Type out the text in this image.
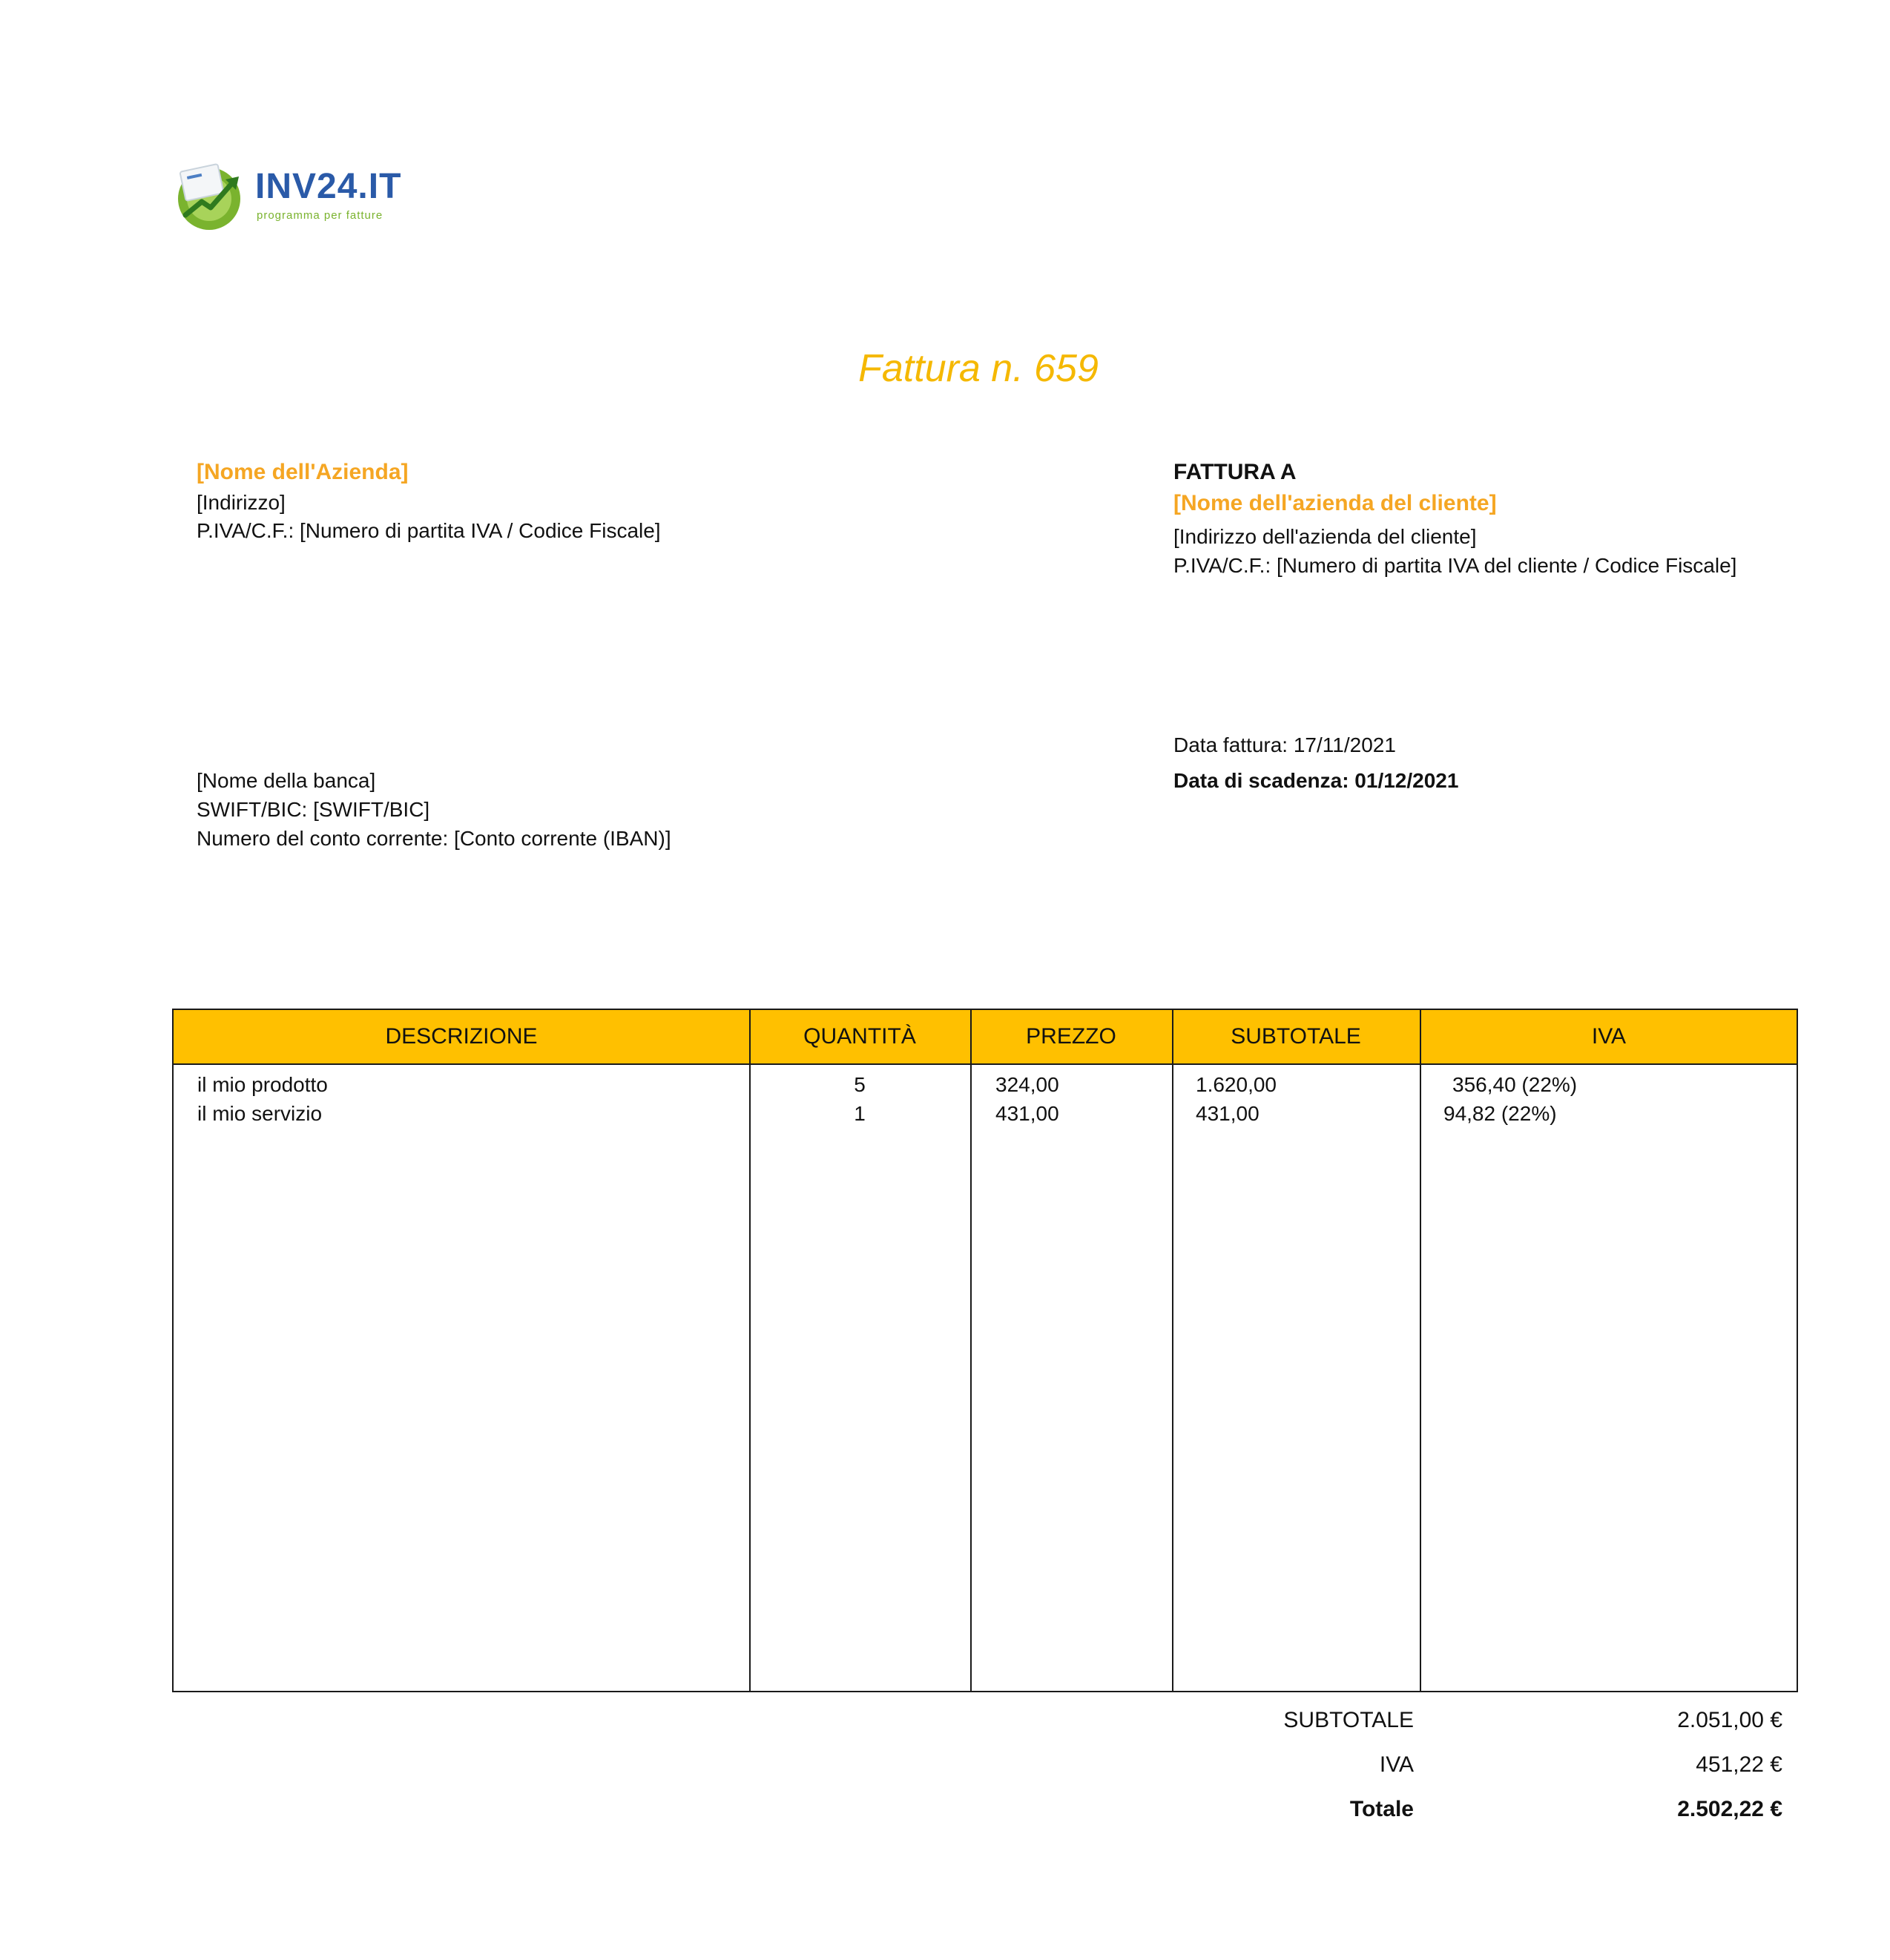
INV24.IT
programma per fatture
Fattura n. 659
[Nome dell'Azienda]
[Indirizzo]
P.IVA/C.F.: [Numero di partita IVA / Codice Fiscale]
FATTURA A
[Nome dell'azienda del cliente]
[Indirizzo dell'azienda del cliente]
P.IVA/C.F.: [Numero di partita IVA del cliente / Codice Fiscale]
Data fattura: 17/11/2021
Data di scadenza: 01/12/2021
[Nome della banca]
SWIFT/BIC: [SWIFT/BIC]
Numero del conto corrente: [Conto corrente (IBAN)]
DESCRIZIONE	QUANTITÀ	PREZZO	SUBTOTALE	IVA
il mio prodotto	5	324,00	1.620,00	356,40 (22%)
il mio servizio	1	431,00	431,00	94,82 (22%)
SUBTOTALE	2.051,00 €
IVA	451,22 €
Totale	2.502,22 €
